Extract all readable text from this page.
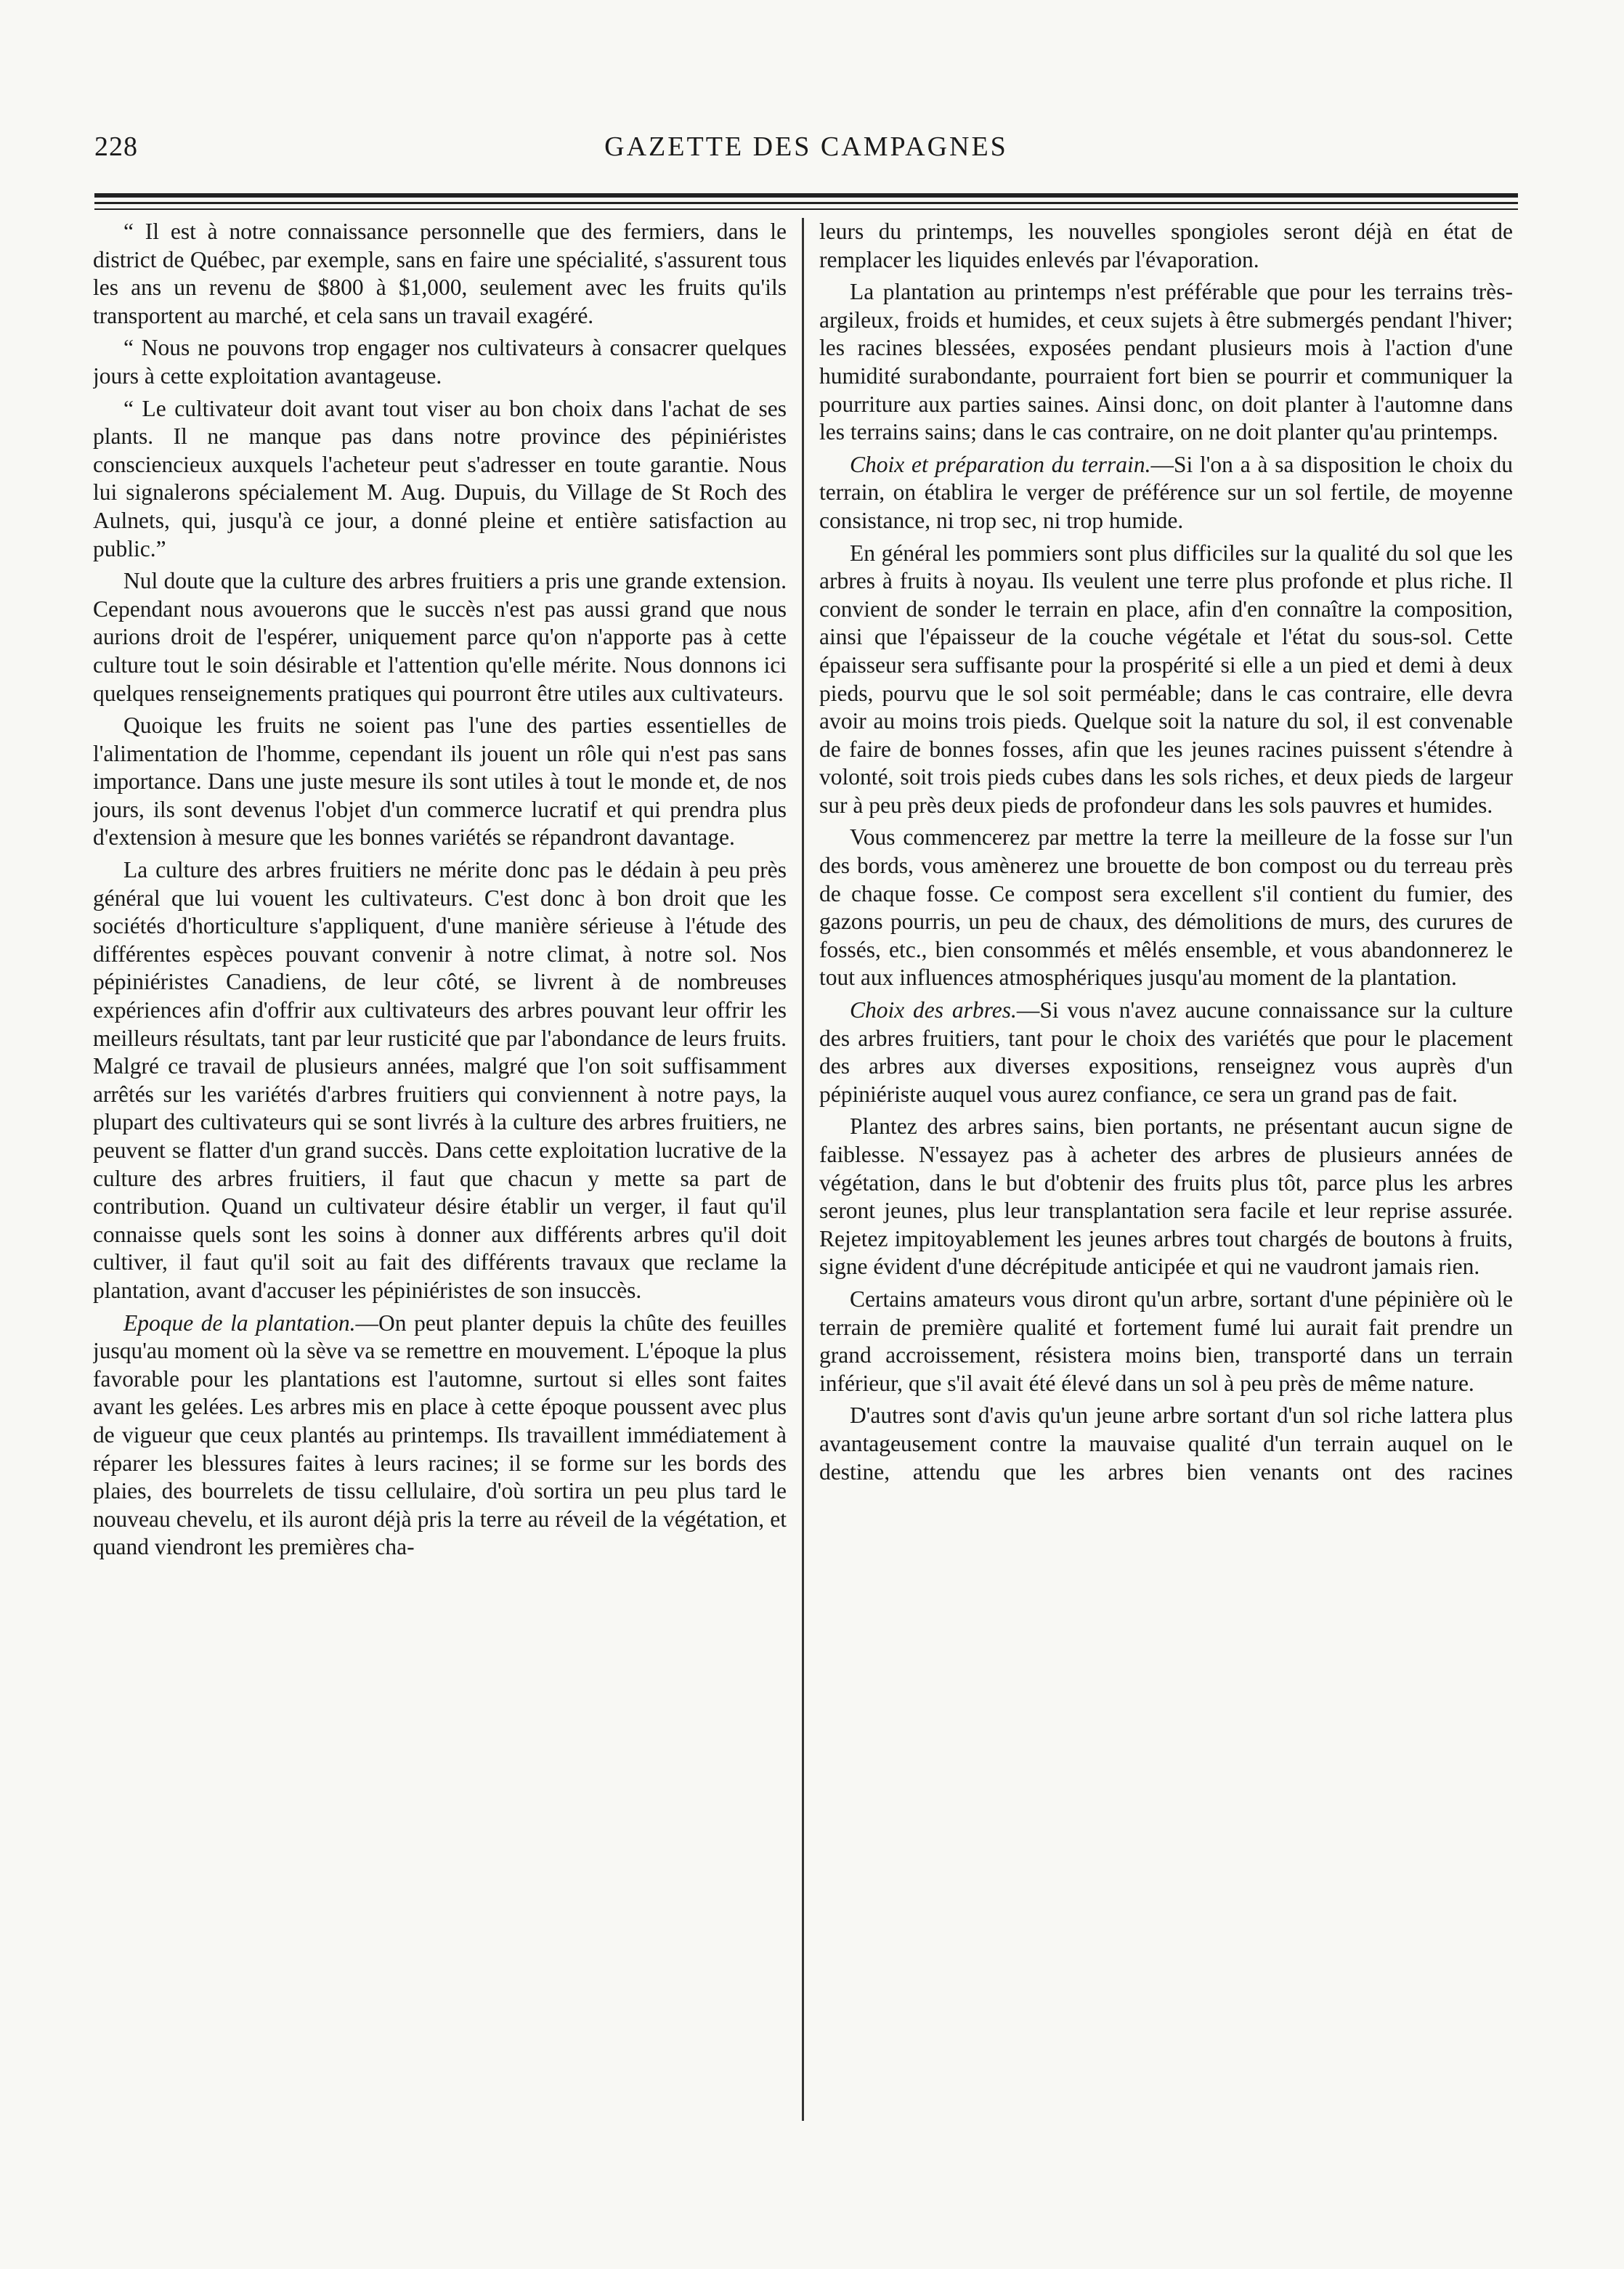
228	GAZETTE DES CAMPAGNES

“ Il est à notre connaissance personnelle que des fermiers, dans le district de Québec, par exemple, sans en faire une spécialité, s'assurent tous les ans un revenu de $800 à $1,000, seulement avec les fruits qu'ils transportent au marché, et cela sans un travail exagéré.

“ Nous ne pouvons trop engager nos cultivateurs à consacrer quelques jours à cette exploitation avantageuse.

“ Le cultivateur doit avant tout viser au bon choix dans l'achat de ses plants. Il ne manque pas dans notre province des pépiniéristes consciencieux auxquels l'acheteur peut s'adresser en toute garantie. Nous lui signalerons spécialement M. Aug. Dupuis, du Village de St Roch des Aulnets, qui, jusqu'à ce jour, a donné pleine et entière satisfaction au public.”

Nul doute que la culture des arbres fruitiers a pris une grande extension. Cependant nous avouerons que le succès n'est pas aussi grand que nous aurions droit de l'espérer, uniquement parce qu'on n'apporte pas à cette culture tout le soin désirable et l'attention qu'elle mérite. Nous donnons ici quelques renseignements pratiques qui pourront être utiles aux cultivateurs.

Quoique les fruits ne soient pas l'une des parties essentielles de l'alimentation de l'homme, cependant ils jouent un rôle qui n'est pas sans importance. Dans une juste mesure ils sont utiles à tout le monde et, de nos jours, ils sont devenus l'objet d'un commerce lucratif et qui prendra plus d'extension à mesure que les bonnes variétés se répandront davantage.

La culture des arbres fruitiers ne mérite donc pas le dédain à peu près général que lui vouent les cultivateurs. C'est donc à bon droit que les sociétés d'horticulture s'appliquent, d'une manière sérieuse à l'étude des différentes espèces pouvant convenir à notre climat, à notre sol. Nos pépiniéristes Canadiens, de leur côté, se livrent à de nombreuses expériences afin d'offrir aux cultivateurs des arbres pouvant leur offrir les meilleurs résultats, tant par leur rusticité que par l'abondance de leurs fruits. Malgré ce travail de plusieurs années, malgré que l'on soit suffisamment arrêtés sur les variétés d'arbres fruitiers qui conviennent à notre pays, la plupart des cultivateurs qui se sont livrés à la culture des arbres fruitiers, ne peuvent se flatter d'un grand succès. Dans cette exploitation lucrative de la culture des arbres fruitiers, il faut que chacun y mette sa part de contribution. Quand un cultivateur désire établir un verger, il faut qu'il connaisse quels sont les soins à donner aux différents arbres qu'il doit cultiver, il faut qu'il soit au fait des différents travaux que reclame la plantation, avant d'accuser les pépiniéristes de son insuccès.

Epoque de la plantation.—On peut planter depuis la chûte des feuilles jusqu'au moment où la sève va se remettre en mouvement. L'époque la plus favorable pour les plantations est l'automne, surtout si elles sont faites avant les gelées. Les arbres mis en place à cette époque poussent avec plus de vigueur que ceux plantés au printemps. Ils travaillent immédiatement à réparer les blessures faites à leurs racines; il se forme sur les bords des plaies, des bourrelets de tissu cellulaire, d'où sortira un peu plus tard le nouveau chevelu, et ils auront déjà pris la terre au réveil de la végétation, et quand viendront les premières cha-

leurs du printemps, les nouvelles spongioles seront déjà en état de remplacer les liquides enlevés par l'évaporation.

La plantation au printemps n'est préférable que pour les terrains très-argileux, froids et humides, et ceux sujets à être submergés pendant l'hiver; les racines blessées, exposées pendant plusieurs mois à l'action d'une humidité surabondante, pourraient fort bien se pourrir et communiquer la pourriture aux parties saines. Ainsi donc, on doit planter à l'automne dans les terrains sains; dans le cas contraire, on ne doit planter qu'au printemps.

Choix et préparation du terrain.—Si l'on a à sa disposition le choix du terrain, on établira le verger de préférence sur un sol fertile, de moyenne consistance, ni trop sec, ni trop humide.

En général les pommiers sont plus difficiles sur la qualité du sol que les arbres à fruits à noyau. Ils veulent une terre plus profonde et plus riche. Il convient de sonder le terrain en place, afin d'en connaître la composition, ainsi que l'épaisseur de la couche végétale et l'état du sous-sol. Cette épaisseur sera suffisante pour la prospérité si elle a un pied et demi à deux pieds, pourvu que le sol soit perméable; dans le cas contraire, elle devra avoir au moins trois pieds. Quelque soit la nature du sol, il est convenable de faire de bonnes fosses, afin que les jeunes racines puissent s'étendre à volonté, soit trois pieds cubes dans les sols riches, et deux pieds de largeur sur à peu près deux pieds de profondeur dans les sols pauvres et humides.

Vous commencerez par mettre la terre la meilleure de la fosse sur l'un des bords, vous amènerez une brouette de bon compost ou du terreau près de chaque fosse. Ce compost sera excellent s'il contient du fumier, des gazons pourris, un peu de chaux, des démolitions de murs, des curures de fossés, etc., bien consommés et mêlés ensemble, et vous abandonnerez le tout aux influences atmosphériques jusqu'au moment de la plantation.

Choix des arbres.—Si vous n'avez aucune connaissance sur la culture des arbres fruitiers, tant pour le choix des variétés que pour le placement des arbres aux diverses expositions, renseignez vous auprès d'un pépiniériste auquel vous aurez confiance, ce sera un grand pas de fait.

Plantez des arbres sains, bien portants, ne présentant aucun signe de faiblesse. N'essayez pas à acheter des arbres de plusieurs années de végétation, dans le but d'obtenir des fruits plus tôt, parce plus les arbres seront jeunes, plus leur transplantation sera facile et leur reprise assurée. Rejetez impitoyablement les jeunes arbres tout chargés de boutons à fruits, signe évident d'une décrépitude anticipée et qui ne vaudront jamais rien.

Certains amateurs vous diront qu'un arbre, sortant d'une pépinière où le terrain de première qualité et fortement fumé lui aurait fait prendre un grand accroissement, résistera moins bien, transporté dans un terrain inférieur, que s'il avait été élevé dans un sol à peu près de même nature.

D'autres sont d'avis qu'un jeune arbre sortant d'un sol riche lattera plus avantageusement contre la mauvaise qualité d'un terrain auquel on le destine, attendu que les arbres bien venants ont des racines
